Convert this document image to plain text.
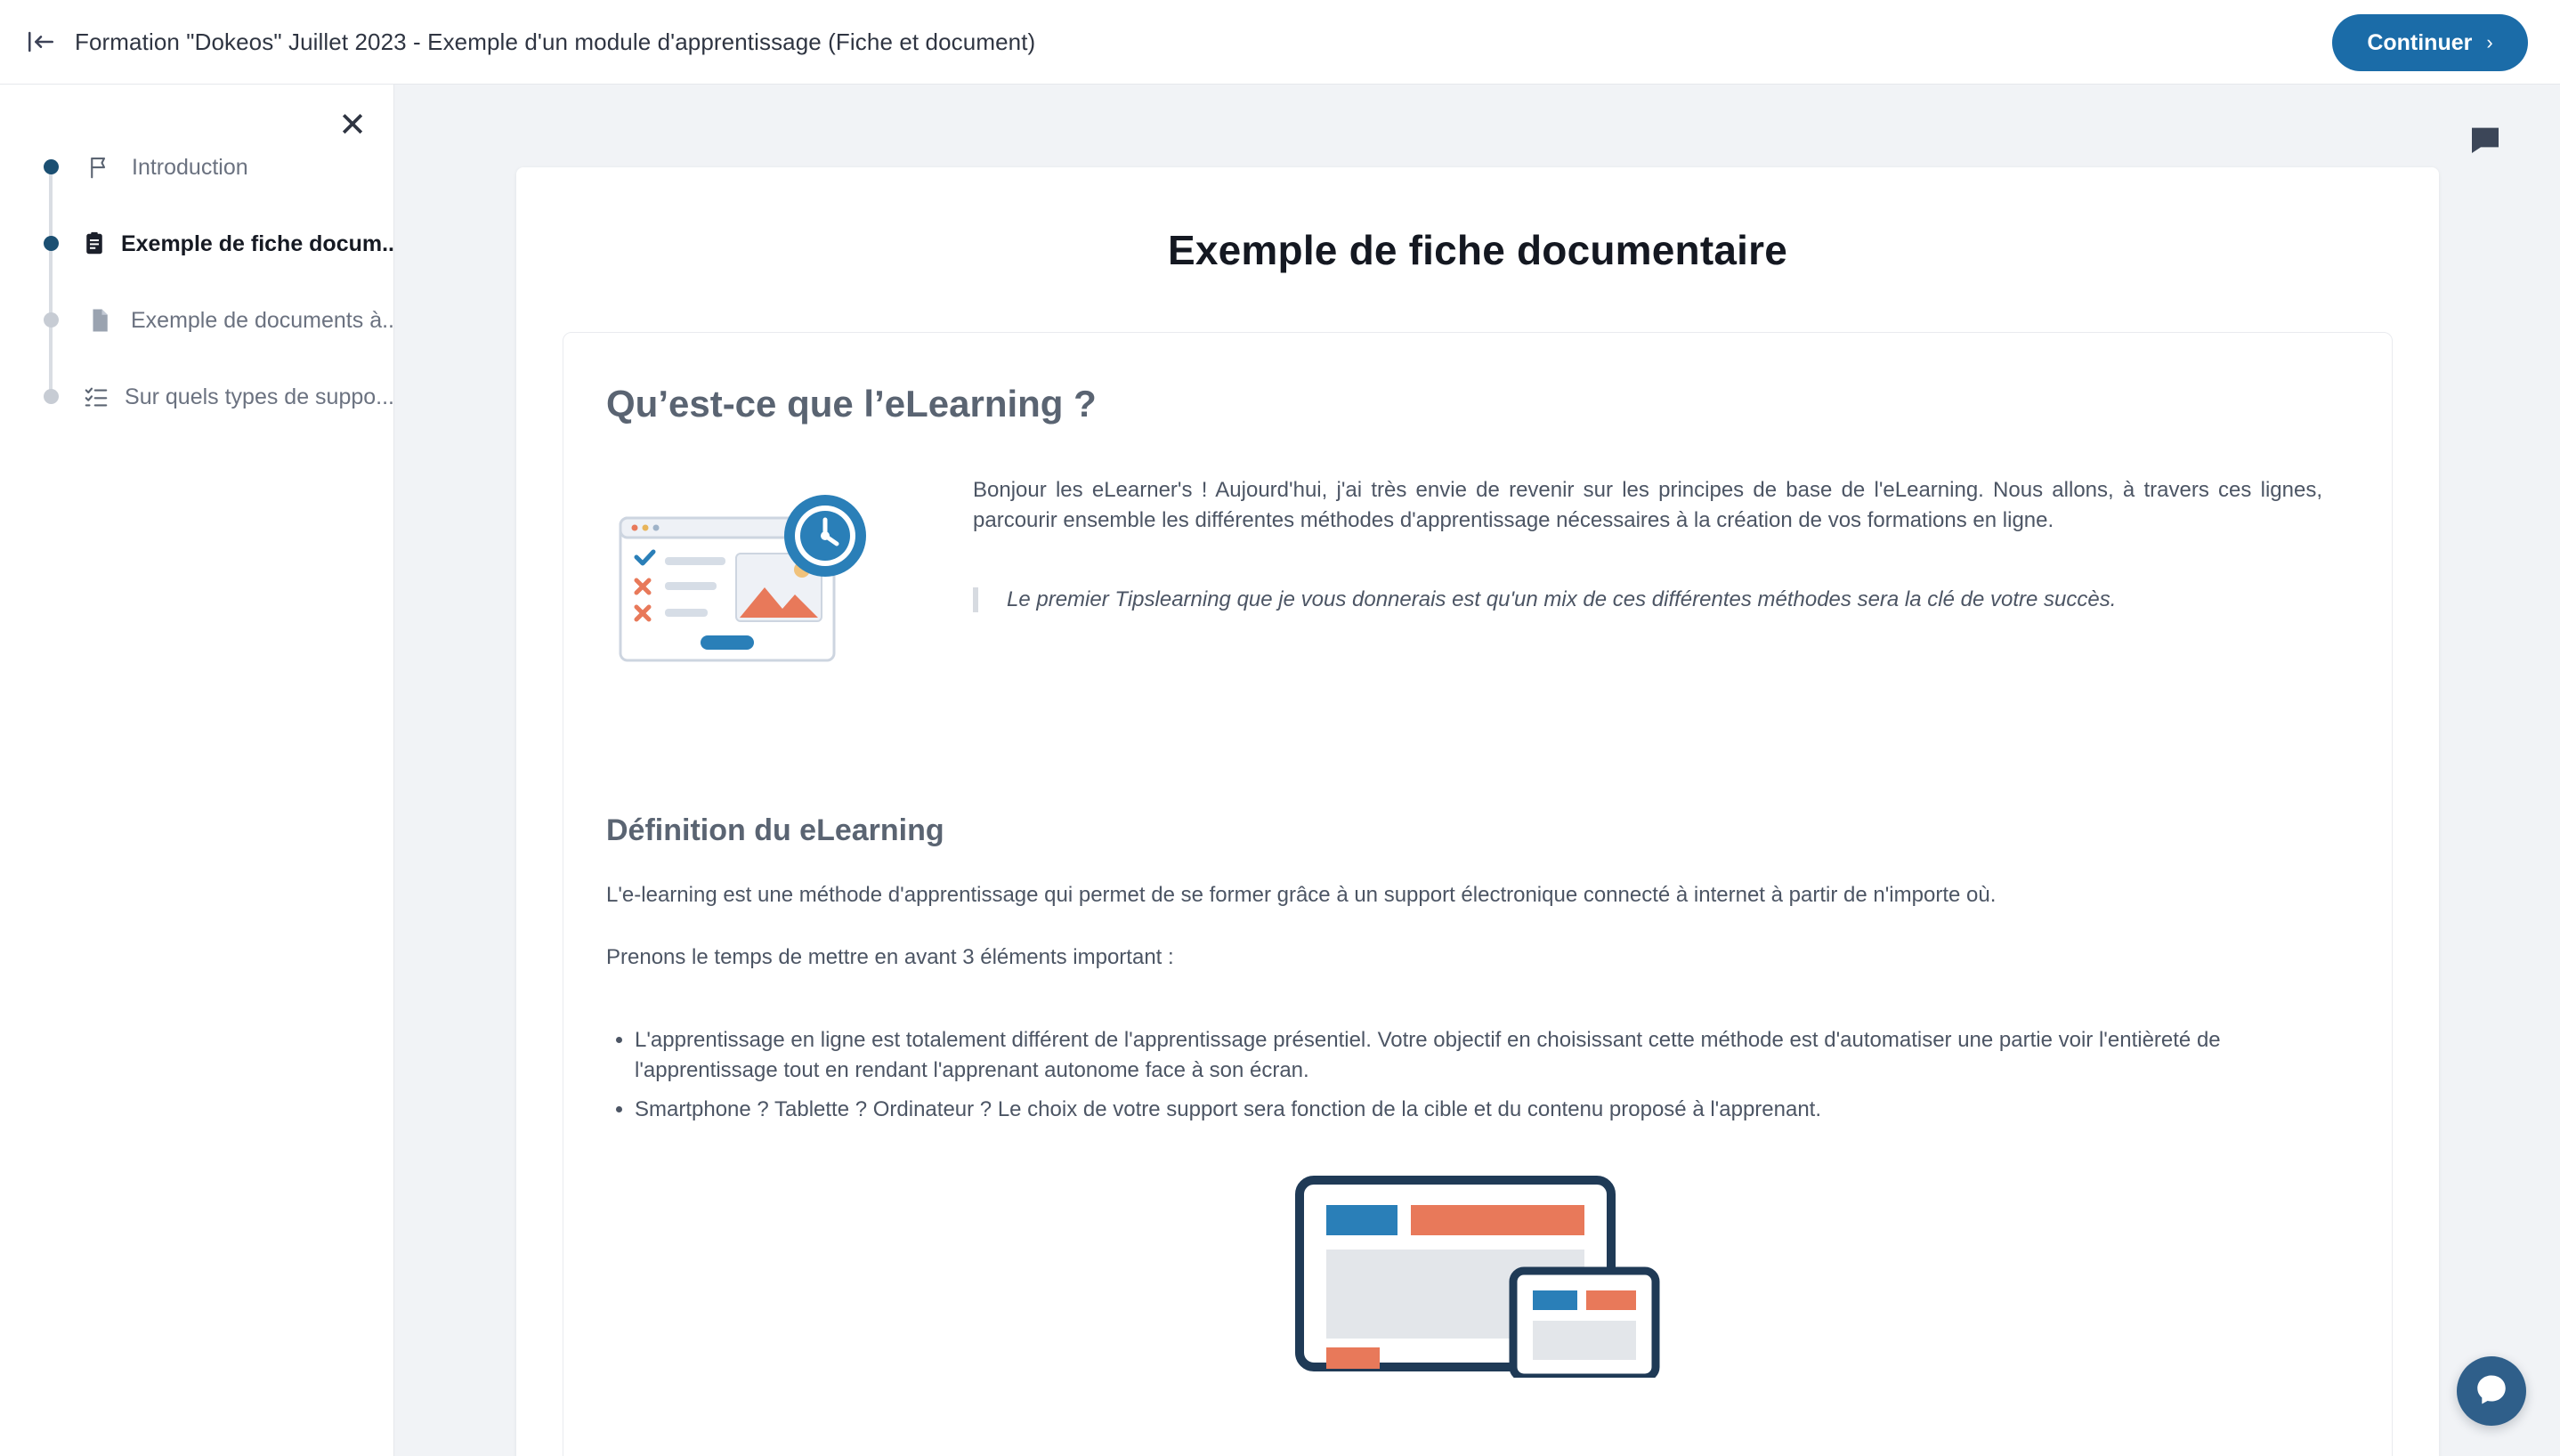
Formation "Dokeos" Juillet 2023 - Exemple d'un module d'apprentissage (Fiche et document)	Continuer ›
✕
Introduction
Exemple de fiche docum..
Exemple de documents à..
Sur quels types de suppo...
Exemple de fiche documentaire
Qu’est-ce que l’eLearning ?
Bonjour les eLearner's ! Aujourd'hui, j'ai très envie de revenir sur les principes de base de l'eLearning. Nous allons, à travers ces lignes, parcourir ensemble les différentes méthodes d'apprentissage nécessaires à la création de vos formations en ligne.
Le premier Tipslearning que je vous donnerais est qu'un mix de ces différentes méthodes sera la clé de votre succès.
Définition du eLearning
L'e-learning est une méthode d'apprentissage qui permet de se former grâce à un support électronique connecté à internet à partir de n'importe où.
Prenons le temps de mettre en avant 3 éléments important :
• L'apprentissage en ligne est totalement différent de l'apprentissage présentiel. Votre objectif en choisissant cette méthode est d'automatiser une partie voir l'entièreté de l'apprentissage tout en rendant l'apprenant autonome face à son écran.
• Smartphone ? Tablette ? Ordinateur ? Le choix de votre support sera fonction de la cible et du contenu proposé à l'apprenant.
